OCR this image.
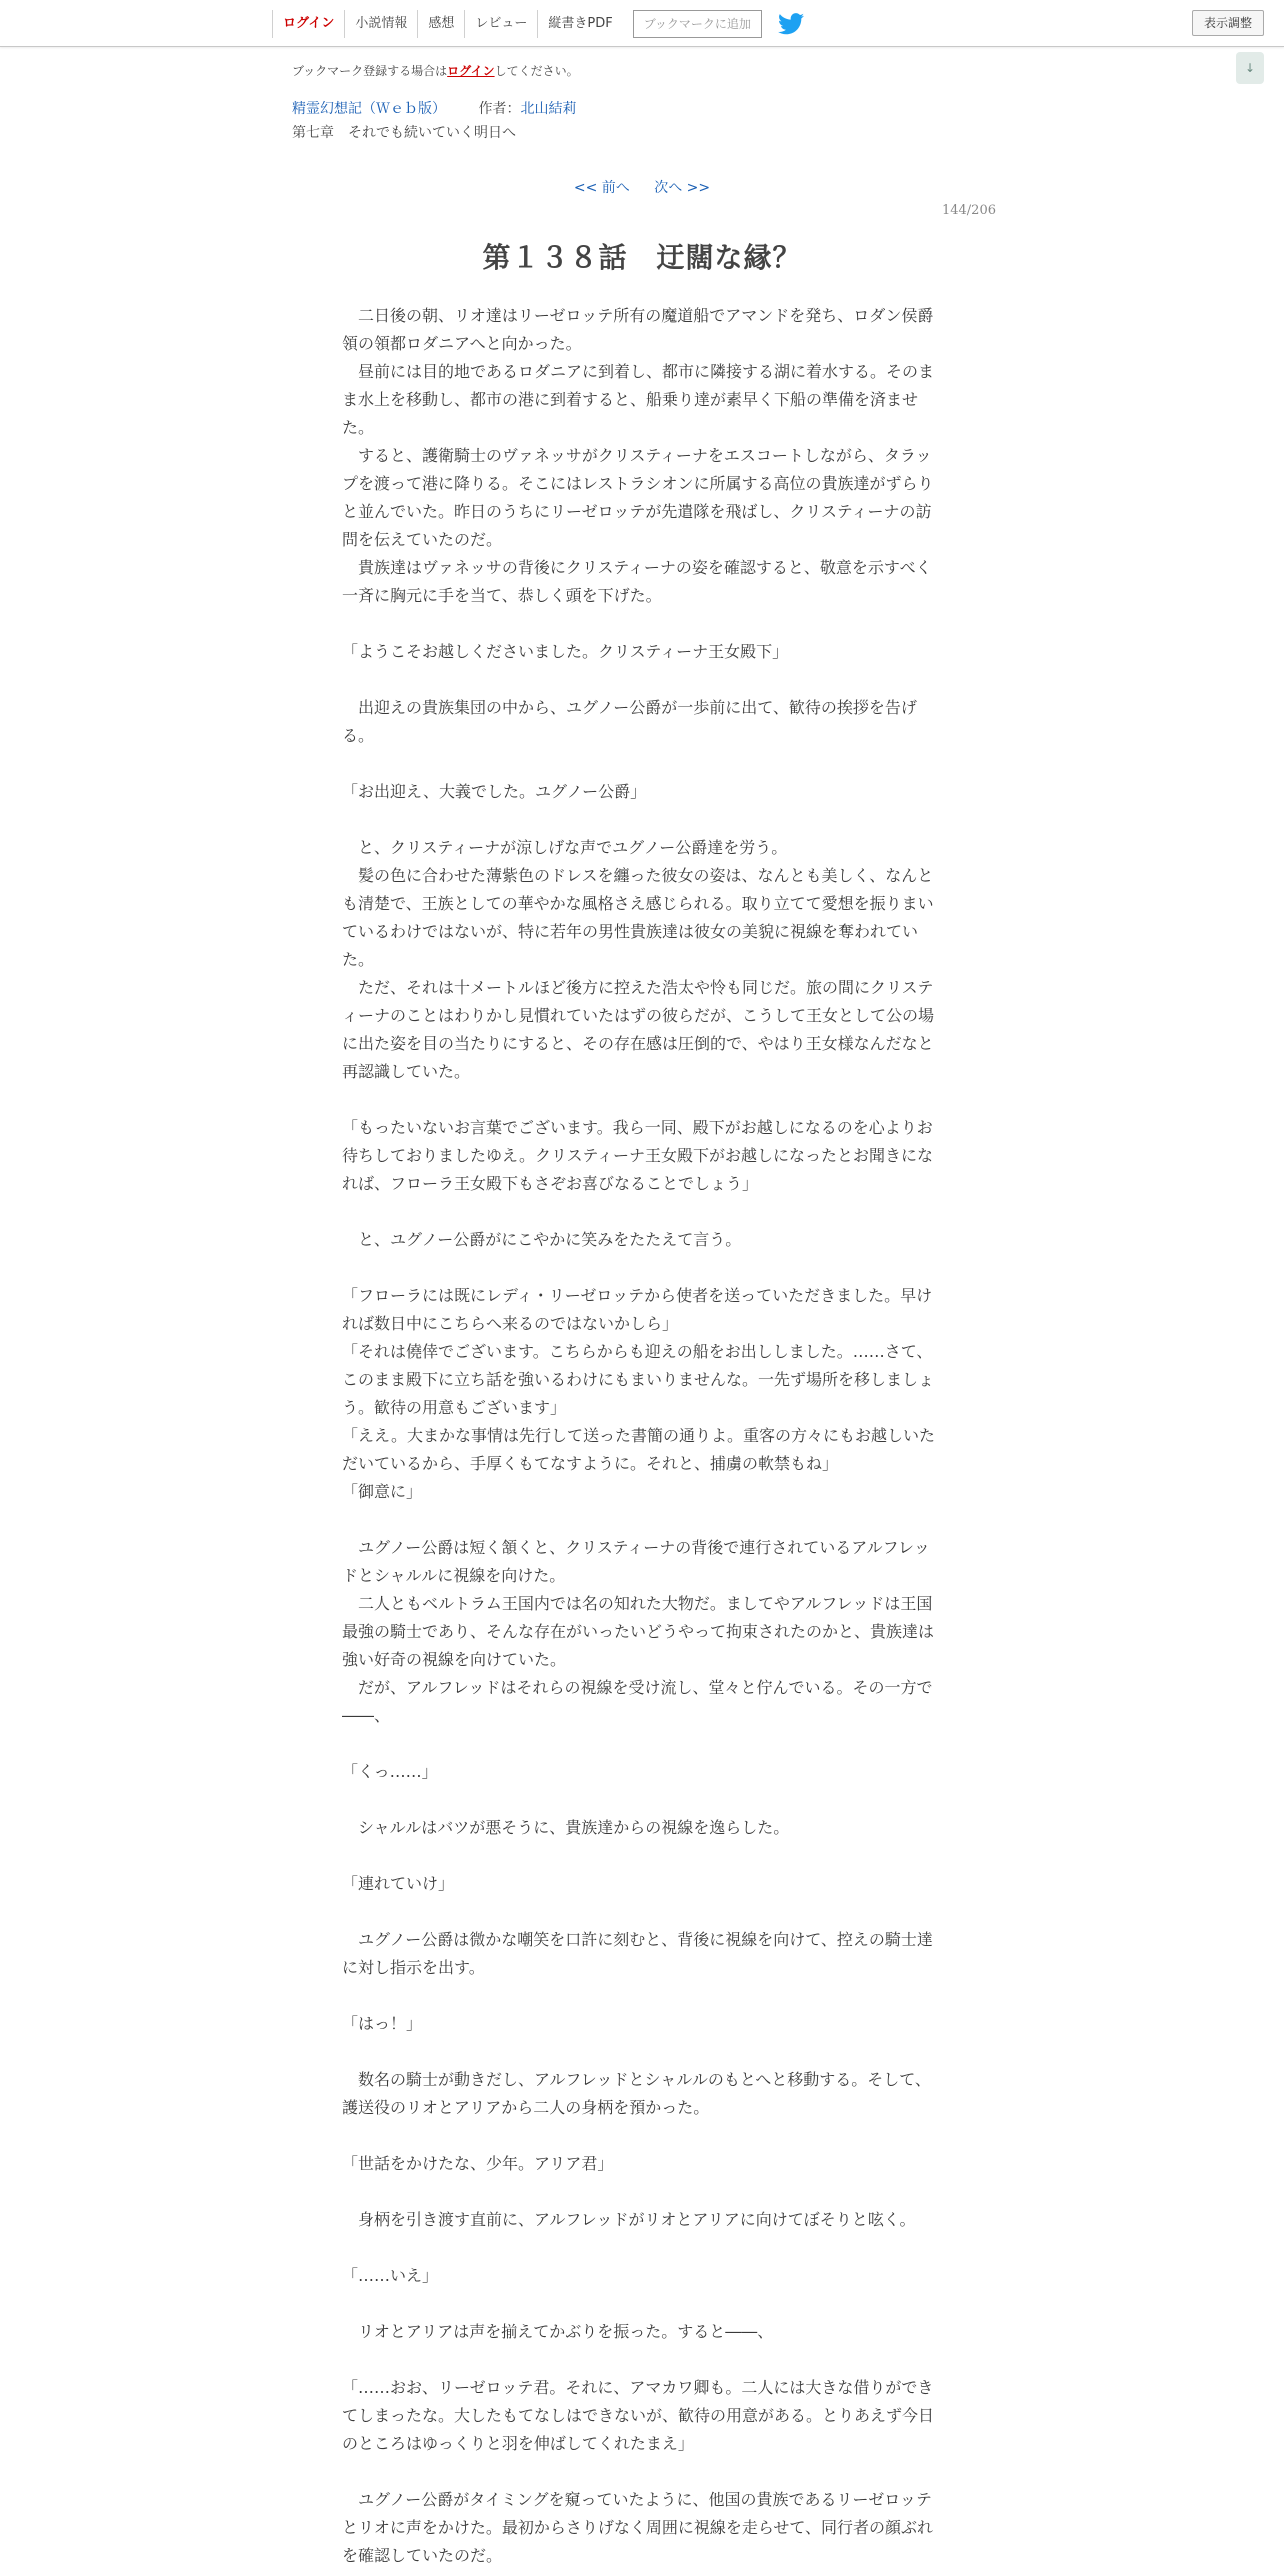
ログイン	小説情報	感想	レビュー	縦書きPDF	ブックマークに追加	表示調整
↓
ブックマーク登録する場合はログインしてください。
精霊幻想記（Ｗｅｂ版） 作者：北山結莉
第七章　それでも続いていく明日へ
<< 前へ 次へ >>
144/206
第１３８話　迂闊な縁？

　二日後の朝、リオ達はリーゼロッテ所有の魔道船でアマンドを発ち、ロダン侯爵領の領都ロダニアへと向かった。

　昼前には目的地であるロダニアに到着し、都市に隣接する湖に着水する。そのまま水上を移動し、都市の港に到着すると、船乗り達が素早く下船の準備を済ませた。

　すると、護衛騎士のヴァネッサがクリスティーナをエスコートしながら、タラップを渡って港に降りる。そこにはレストラシオンに所属する高位の貴族達がずらりと並んでいた。昨日のうちにリーゼロッテが先遣隊を飛ばし、クリスティーナの訪問を伝えていたのだ。

　貴族達はヴァネッサの背後にクリスティーナの姿を確認すると、敬意を示すべく一斉に胸元に手を当て、恭しく頭を下げた。

「ようこそお越しくださいました。クリスティーナ王女殿下」

　出迎えの貴族集団の中から、ユグノー公爵が一歩前に出て、歓待の挨拶を告げる。

「お出迎え、大義でした。ユグノー公爵」

　と、クリスティーナが涼しげな声でユグノー公爵達を労う。

　髪の色に合わせた薄紫色のドレスを纏った彼女の姿は、なんとも美しく、なんとも清楚で、王族としての華やかな風格さえ感じられる。取り立てて愛想を振りまいているわけではないが、特に若年の男性貴族達は彼女の美貌に視線を奪われていた。

　ただ、それは十メートルほど後方に控えた浩太や怜も同じだ。旅の間にクリスティーナのことはわりかし見慣れていたはずの彼らだが、こうして王女として公の場に出た姿を目の当たりにすると、その存在感は圧倒的で、やはり王女様なんだなと再認識していた。

「もったいないお言葉でございます。我ら一同、殿下がお越しになるのを心よりお待ちしておりましたゆえ。クリスティーナ王女殿下がお越しになったとお聞きになれば、フローラ王女殿下もさぞお喜びなることでしょう」

　と、ユグノー公爵がにこやかに笑みをたたえて言う。

「フローラには既にレディ・リーゼロッテから使者を送っていただきました。早ければ数日中にこちらへ来るのではないかしら」

「それは僥倖でございます。こちらからも迎えの船をお出ししました。……さて、このまま殿下に立ち話を強いるわけにもまいりませんな。一先ず場所を移しましょう。歓待の用意もございます」

「ええ。大まかな事情は先行して送った書簡の通りよ。重客の方々にもお越しいただいているから、手厚くもてなすように。それと、捕虜の軟禁もね」

「御意に」

　ユグノー公爵は短く頷くと、クリスティーナの背後で連行されているアルフレッドとシャルルに視線を向けた。

　二人ともベルトラム王国内では名の知れた大物だ。ましてやアルフレッドは王国最強の騎士であり、そんな存在がいったいどうやって拘束されたのかと、貴族達は強い好奇の視線を向けていた。

　だが、アルフレッドはそれらの視線を受け流し、堂々と佇んでいる。その一方で――、

「くっ……」

　シャルルはバツが悪そうに、貴族達からの視線を逸らした。

「連れていけ」

　ユグノー公爵は微かな嘲笑を口許に刻むと、背後に視線を向けて、控えの騎士達に対し指示を出す。

「はっ！」

　数名の騎士が動きだし、アルフレッドとシャルルのもとへと移動する。そして、護送役のリオとアリアから二人の身柄を預かった。

「世話をかけたな、少年。アリア君」

　身柄を引き渡す直前に、アルフレッドがリオとアリアに向けてぼそりと呟く。

「……いえ」

　リオとアリアは声を揃えてかぶりを振った。すると――、

「……おお、リーゼロッテ君。それに、アマカワ卿も。二人には大きな借りができてしまったな。大したもてなしはできないが、歓待の用意がある。とりあえず今日のところはゆっくりと羽を伸ばしてくれたまえ」

　ユグノー公爵がタイミングを窺っていたように、他国の貴族であるリーゼロッテとリオに声をかけた。最初からさりげなく周囲に視線を走らせて、同行者の顔ぶれを確認していたのだ。
